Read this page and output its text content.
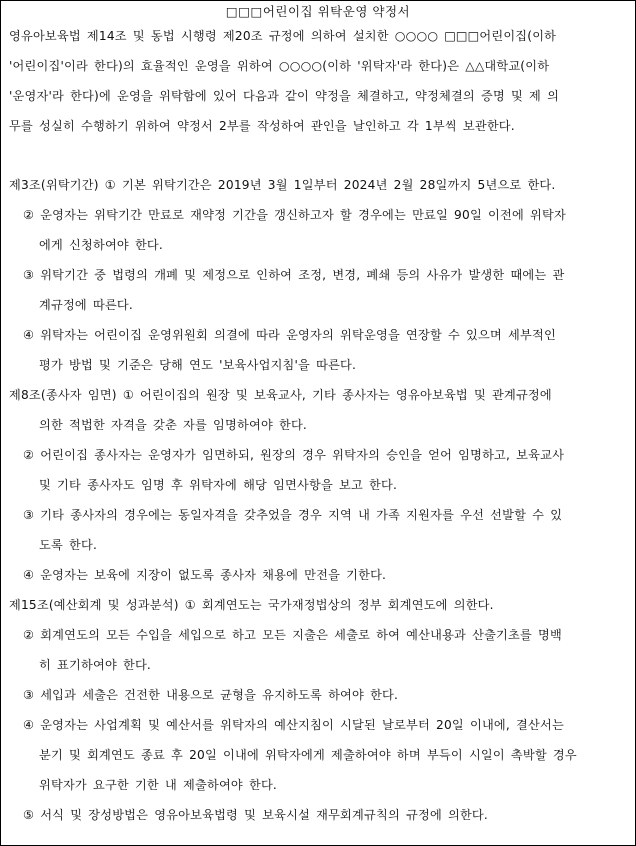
□□□어린이집 위탁운영 약정서
영유아보육법 제14조 및 동법 시행령 제20조 규정에 의하여 설치한 ○○○○ □□□어린이집(이하
'어린이집'이라 한다)의 효율적인 운영을 위하여 ○○○○(이하 '위탁자'라 한다)은 △△대학교(이하
'운영자'라 한다)에 운영을 위탁함에 있어 다음과 같이 약정을 체결하고, 약정체결의 증명 및 제 의
무를 성실히 수행하기 위하여 약정서 2부를 작성하여 관인을 날인하고 각 1부씩 보관한다.
제3조(위탁기간) ① 기본 위탁기간은 2019년 3월 1일부터 2024년 2월 28일까지 5년으로 한다.
② 운영자는 위탁기간 만료로 재약정 기간을 갱신하고자 할 경우에는 만료일 90일 이전에 위탁자
에게 신청하여야 한다.
③ 위탁기간 중 법령의 개폐 및 제정으로 인하여 조정, 변경, 폐쇄 등의 사유가 발생한 때에는 관
계규정에 따른다.
④ 위탁자는 어린이집 운영위원회 의결에 따라 운영자의 위탁운영을 연장할 수 있으며 세부적인
평가 방법 및 기준은 당해 연도 '보육사업지침'을 따른다.
제8조(종사자 임면) ① 어린이집의 원장 및 보육교사, 기타 종사자는 영유아보육법 및 관계규정에
의한 적법한 자격을 갖춘 자를 임명하여야 한다.
② 어린이집 종사자는 운영자가 임면하되, 원장의 경우 위탁자의 승인을 얻어 임명하고, 보육교사
및 기타 종사자도 임명 후 위탁자에 해당 임면사항을 보고 한다.
③ 기타 종사자의 경우에는 동일자격을 갖추었을 경우 지역 내 가족 지원자를 우선 선발할 수 있
도록 한다.
④ 운영자는 보육에 지장이 없도록 종사자 채용에 만전을 기한다.
제15조(예산회계 및 성과분석) ① 회계연도는 국가재정법상의 정부 회계연도에 의한다.
② 회계연도의 모든 수입을 세입으로 하고 모든 지출은 세출로 하여 예산내용과 산출기초를 명백
히 표기하여야 한다.
③ 세입과 세출은 건전한 내용으로 균형을 유지하도록 하여야 한다.
④ 운영자는 사업계획 및 예산서를 위탁자의 예산지침이 시달된 날로부터 20일 이내에, 결산서는
분기 및 회계연도 종료 후 20일 이내에 위탁자에게 제출하여야 하며 부득이 시일이 촉박할 경우
위탁자가 요구한 기한 내 제출하여야 한다.
⑤ 서식 및 장성방법은 영유아보육법령 및 보육시설 재무회계규칙의 규정에 의한다.
